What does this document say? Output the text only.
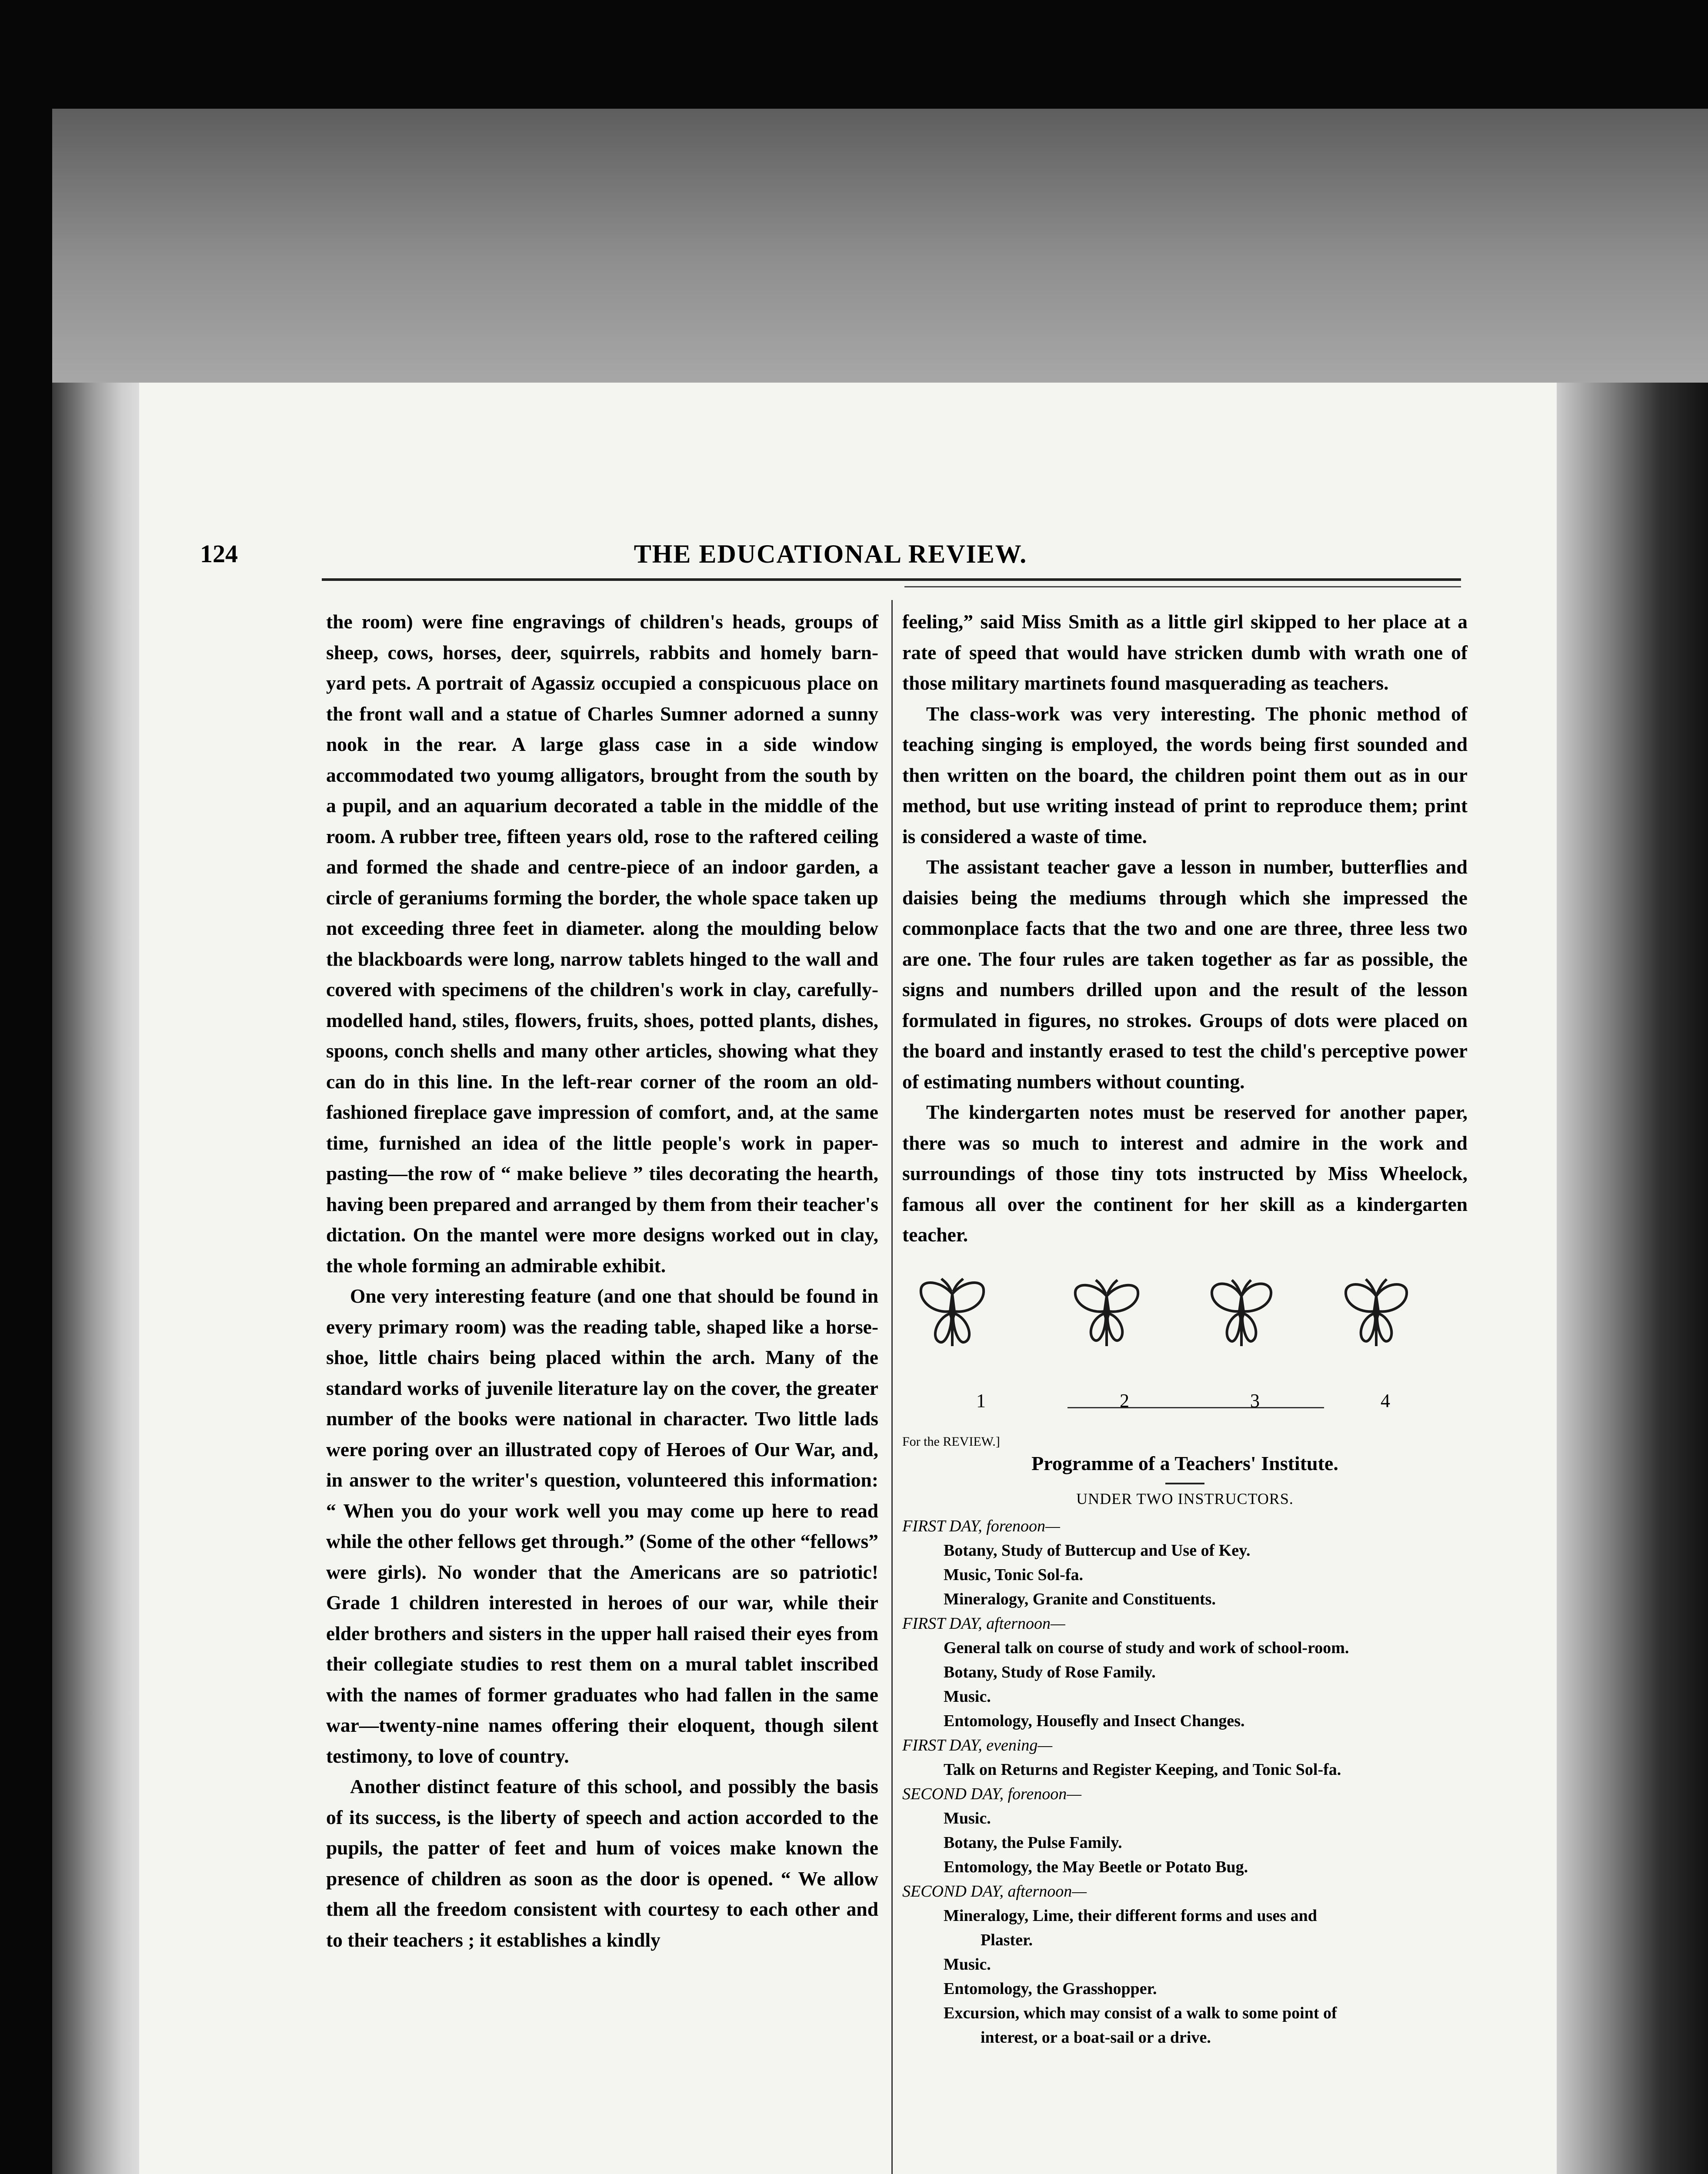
124	THE EDUCATIONAL REVIEW.

the room) were fine engravings of children's heads, groups of sheep, cows, horses, deer, squirrels, rabbits and homely barn-yard pets. A portrait of Agassiz occupied a conspicuous place on the front wall and a statue of Charles Sumner adorned a sunny nook in the rear. A large glass case in a side window accommodated two youmg alligators, brought from the south by a pupil, and an aquarium decorated a table in the middle of the room. A rubber tree, fifteen years old, rose to the raftered ceiling and formed the shade and centre-piece of an indoor garden, a circle of geraniums forming the border, the whole space taken up not exceeding three feet in diameter. along the moulding below the blackboards were long, narrow tablets hinged to the wall and covered with specimens of the children's work in clay, carefully-modelled hand, stiles, flowers, fruits, shoes, potted plants, dishes, spoons, conch shells and many other articles, showing what they can do in this line. In the left-rear corner of the room an old-fashioned fireplace gave impression of comfort, and, at the same time, furnished an idea of the little people's work in paper-pasting—the row of “ make believe ” tiles decorating the hearth, having been prepared and arranged by them from their teacher's dictation. On the mantel were more designs worked out in clay, the whole forming an admirable exhibit.

One very interesting feature (and one that should be found in every primary room) was the reading table, shaped like a horse-shoe, little chairs being placed within the arch. Many of the standard works of juvenile literature lay on the cover, the greater number of the books were national in character. Two little lads were poring over an illustrated copy of Heroes of Our War, and, in answer to the writer's question, volunteered this information: “ When you do your work well you may come up here to read while the other fellows get through.” (Some of the other “fellows” were girls). No wonder that the Americans are so patriotic! Grade 1 children interested in heroes of our war, while their elder brothers and sisters in the upper hall raised their eyes from their collegiate studies to rest them on a mural tablet inscribed with the names of former graduates who had fallen in the same war—twenty-nine names offering their eloquent, though silent testimony, to love of country.

Another distinct feature of this school, and possibly the basis of its success, is the liberty of speech and action accorded to the pupils, the patter of feet and hum of voices make known the presence of children as soon as the door is opened. “ We allow them all the freedom consistent with courtesy to each other and to their teachers ; it establishes a kindly

feeling,” said Miss Smith as a little girl skipped to her place at a rate of speed that would have stricken dumb with wrath one of those military martinets found masquerading as teachers.

The class-work was very interesting. The phonic method of teaching singing is employed, the words being first sounded and then written on the board, the children point them out as in our method, but use writing instead of print to reproduce them; print is considered a waste of time.

The assistant teacher gave a lesson in number, butterflies and daisies being the mediums through which she impressed the commonplace facts that the two and one are three, three less two are one. The four rules are taken together as far as possible, the signs and numbers drilled upon and the result of the lesson formulated in figures, no strokes. Groups of dots were placed on the board and instantly erased to test the child's perceptive power of estimating numbers without counting.

The kindergarten notes must be reserved for another paper, there was so much to interest and admire in the work and surroundings of those tiny tots instructed by Miss Wheelock, famous all over the continent for her skill as a kindergarten teacher.

1	2	3	4

For the REVIEW.]

Programme of a Teachers' Institute.

UNDER TWO INSTRUCTORS.

FIRST DAY, forenoon—

Botany, Study of Buttercup and Use of Key.

Music, Tonic Sol-fa.

Mineralogy, Granite and Constituents.

FIRST DAY, afternoon—

General talk on course of study and work of school-room.

Botany, Study of Rose Family.

Music.

Entomology, Housefly and Insect Changes.

FIRST DAY, evening—

Talk on Returns and Register Keeping, and Tonic Sol-fa.

SECOND DAY, forenoon—

Music.

Botany, the Pulse Family.

Entomology, the May Beetle or Potato Bug.

SECOND DAY, afternoon—

Mineralogy, Lime, their different forms and uses and

Plaster.

Music.

Entomology, the Grasshopper.

Excursion, which may consist of a walk to some point of

interest, or a boat-sail or a drive.
